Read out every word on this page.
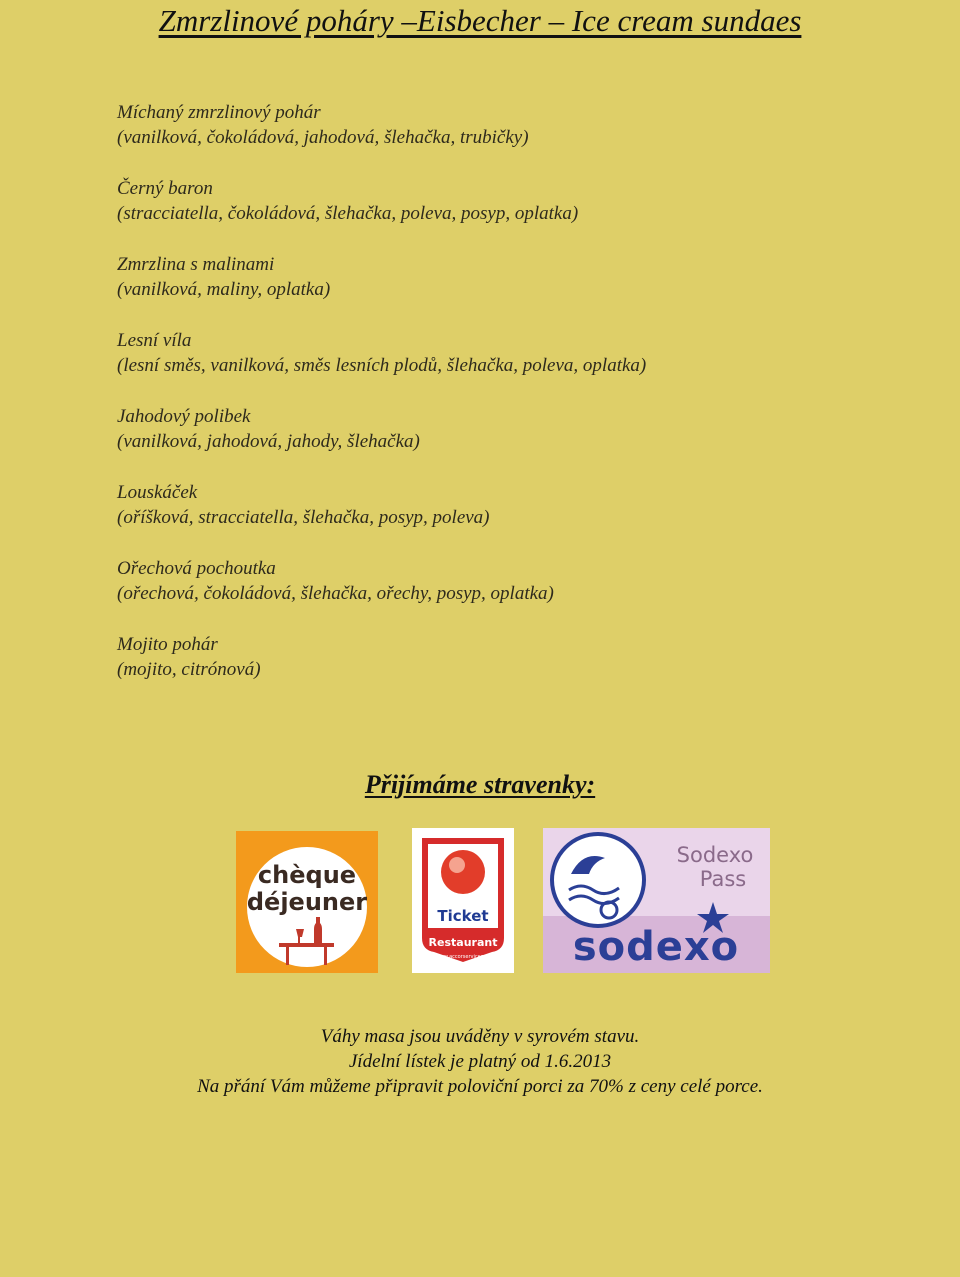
Zmrzlinové poháry –Eisbecher – Ice cream sundaes
Míchaný zmrzlinový pohár
(vanilková, čokoládová, jahodová, šlehačka, trubičky)
Černý baron
(stracciatella, čokoládová, šlehačka, poleva, posyp, oplatka)
Zmrzlina s malinami
(vanilková, maliny, oplatka)
Lesní víla
(lesní směs, vanilková, směs lesních plodů, šlehačka, poleva, oplatka)
Jahodový polibek
(vanilková, jahodová, jahody, šlehačka)
Louskáček
(oříšková, stracciatella, šlehačka, posyp, poleva)
Ořechová pochoutka
(ořechová, čokoládová, šlehačka, ořechy, posyp, oplatka)
Mojito pohár
(mojito, citrónová)
Přijímáme stravenky:
chèque
déjeuner	Ticket
Restaurant
www.accorservices.cz
Sodexo
Pass
sodexo
Váhy masa jsou uváděny v syrovém stavu.
Jídelní lístek je platný od 1.6.2013
Na přání Vám můžeme připravit poloviční porci za 70% z ceny celé porce.
